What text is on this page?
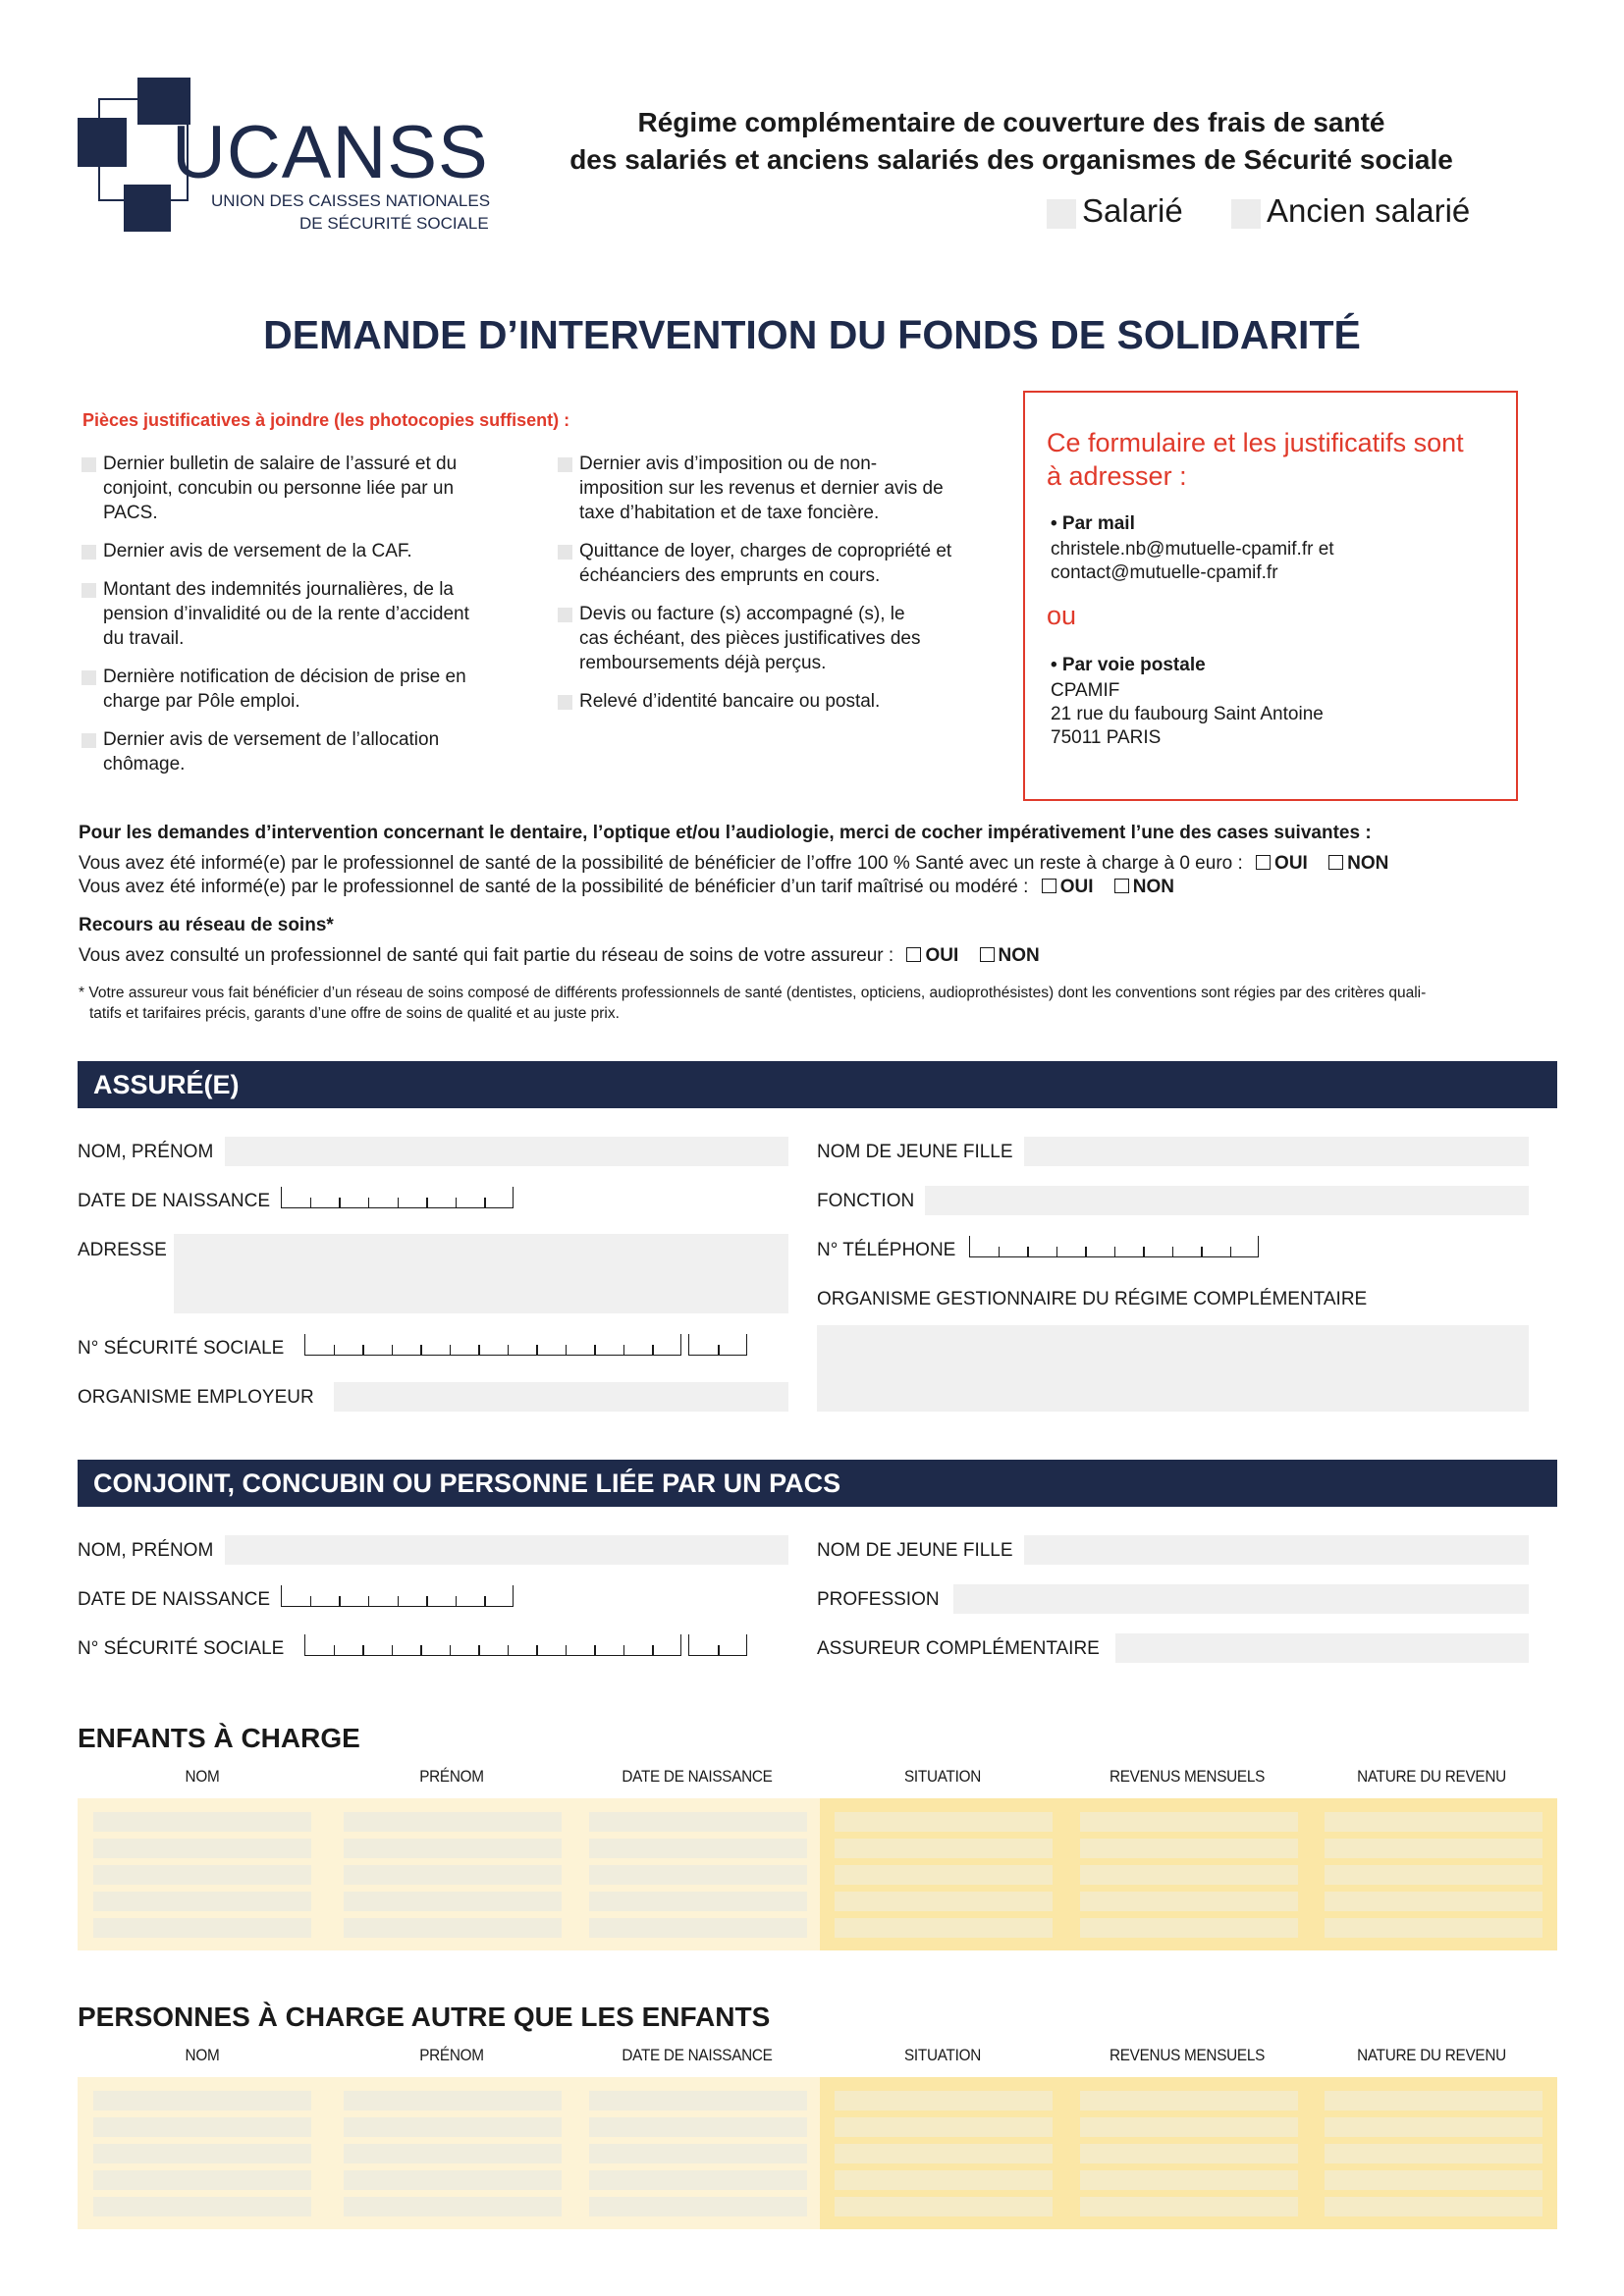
UCANSS
UNION DES CAISSES NATIONALES
DE SÉCURITÉ SOCIALE
Régime complémentaire de couverture des frais de santé
des salariés et anciens salariés des organismes de Sécurité sociale
Salarié	Ancien salarié
DEMANDE D’INTERVENTION DU FONDS DE SOLIDARITÉ
Pièces justificatives à joindre (les photocopies suffisent) :
Dernier bulletin de salaire de l’assuré et du
conjoint, concubin ou personne liée par un
PACS.
Dernier avis de versement de la CAF.
Montant des indemnités journalières, de la
pension d’invalidité ou de la rente d’accident
du travail.
Dernière notification de décision de prise en
charge par Pôle emploi.
Dernier avis de versement de l’allocation
chômage.
Dernier avis d’imposition ou de non-
imposition sur les revenus et dernier avis de
taxe d’habitation et de taxe foncière.
Quittance de loyer, charges de copropriété et
échéanciers des emprunts en cours.
Devis ou facture (s) accompagné (s), le
cas échéant, des pièces justificatives des
remboursements déjà perçus.
Relevé d’identité bancaire ou postal.
Ce formulaire et les justificatifs sont
à adresser :
• Par mail
christele.nb@mutuelle-cpamif.fr et
contact@mutuelle-cpamif.fr
ou
• Par voie postale
CPAMIF
21 rue du faubourg Saint Antoine
75011 PARIS
Pour les demandes d’intervention concernant le dentaire, l’optique et/ou l’audiologie, merci de cocher impérativement l’une des cases suivantes :
Vous avez été informé(e) par le professionnel de santé de la possibilité de bénéficier de l’offre 100 % Santé avec un reste à charge à 0 euro : OUI NON
Vous avez été informé(e) par le professionnel de santé de la possibilité de bénéficier d’un tarif maîtrisé ou modéré : OUI NON
Recours au réseau de soins*
Vous avez consulté un professionnel de santé qui fait partie du réseau de soins de votre assureur : OUI NON
* Votre assureur vous fait bénéficier d’un réseau de soins composé de différents professionnels de santé (dentistes, opticiens, audioprothésistes) dont les conventions sont régies par des critères quali-
tatifs et tarifaires précis, garants d’une offre de soins de qualité et au juste prix.
ASSURÉ(E)
NOM, PRÉNOM	NOM DE JEUNE FILLE
DATE DE NAISSANCE	FONCTION
ADRESSE	N° TÉLÉPHONE
ORGANISME GESTIONNAIRE DU RÉGIME COMPLÉMENTAIRE
N° SÉCURITÉ SOCIALE
ORGANISME EMPLOYEUR
CONJOINT, CONCUBIN OU PERSONNE LIÉE PAR UN PACS
NOM, PRÉNOM	NOM DE JEUNE FILLE
DATE DE NAISSANCE	PROFESSION
N° SÉCURITÉ SOCIALE	ASSUREUR COMPLÉMENTAIRE
ENFANTS À CHARGE
NOM	PRÉNOM	DATE DE NAISSANCE	SITUATION	REVENUS MENSUELS	NATURE DU REVENU
PERSONNES À CHARGE AUTRE QUE LES ENFANTS
NOM	PRÉNOM	DATE DE NAISSANCE	SITUATION	REVENUS MENSUELS	NATURE DU REVENU
